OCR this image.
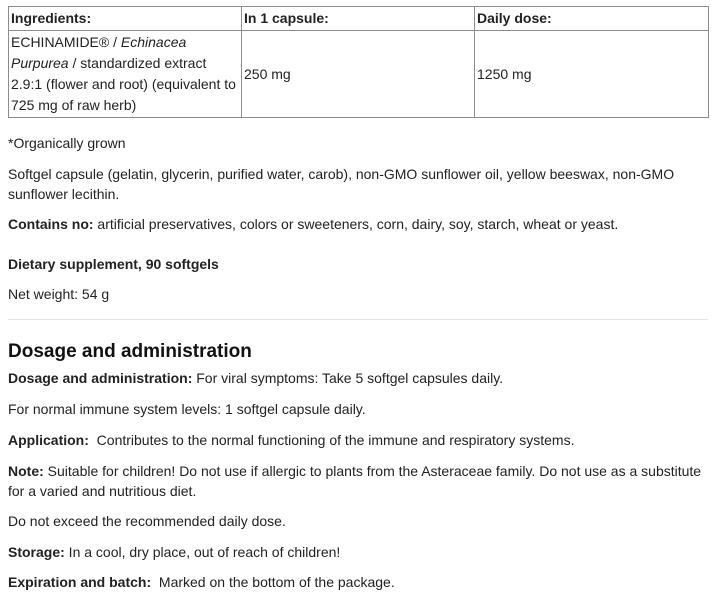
Ingredients:	In 1 capsule:	Daily dose:
ECHINAMIDE® / Echinacea Purpurea / standardized extract 2.9:1 (flower and root) (equivalent to 725 mg of raw herb)	250 mg	1250 mg

*Organically grown

Softgel capsule (gelatin, glycerin, purified water, carob), non-GMO sunflower oil, yellow beeswax, non-GMO sunflower lecithin.

Contains no: artificial preservatives, colors or sweeteners, corn, dairy, soy, starch, wheat or yeast.

Dietary supplement, 90 softgels

Net weight: 54 g

Dosage and administration

Dosage and administration: For viral symptoms: Take 5 softgel capsules daily.

For normal immune system levels: 1 softgel capsule daily.

Application:  Contributes to the normal functioning of the immune and respiratory systems.

Note: Suitable for children! Do not use if allergic to plants from the Asteraceae family. Do not use as a substitute for a varied and nutritious diet.

Do not exceed the recommended daily dose.

Storage: In a cool, dry place, out of reach of children!

Expiration and batch:  Marked on the bottom of the package.
